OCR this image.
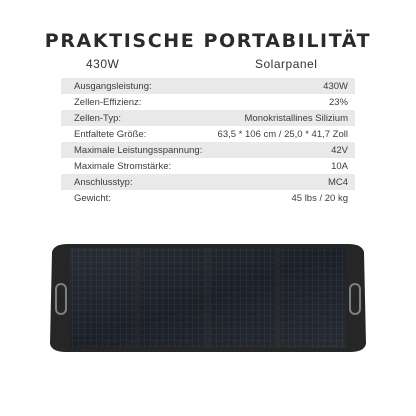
PRAKTISCHE PORTABILITÄT
430W	Solarpanel
Ausgangsleistung:	430W
Zellen-Effizienz:	23%
Zellen-Typ:	Monokristallines Silizium
Entfaltete Größe:	63,5 * 106 cm / 25,0 * 41,7 Zoll
Maximale Leistungsspannung:	42V
Maximale Stromstärke:	10A
Anschlusstyp:	MC4
Gewicht:	45 lbs / 20 kg
